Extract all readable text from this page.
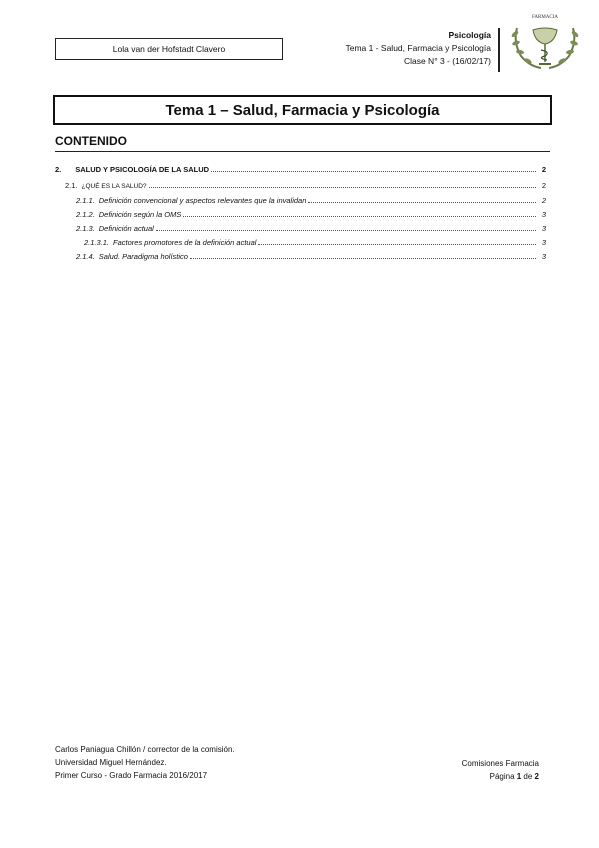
Lola van der Hofstadt Clavero
Psicología
Tema 1 - Salud, Farmacia y Psicología
Clase N° 3 - (16/02/17)
FARMACIA
Tema 1 – Salud, Farmacia y Psicología
CONTENIDO
2. SALUD Y PSICOLOGÍA DE LA SALUD	2
2.1. ¿QUÉ ES LA SALUD?	2
2.1.1. Definición convencional y aspectos relevantes que la invalidan	2
2.1.2. Definición según la OMS	3
2.1.3. Definición actual	3
2.1.3.1. Factores promotores de la definición actual	3
2.1.4. Salud. Paradigma holístico	3
Carlos Paniagua Chillón / corrector de la comisión.
Universidad Miguel Hernández.
Primer Curso - Grado Farmacia 2016/2017
Comisiones Farmacia
Página 1 de 2
